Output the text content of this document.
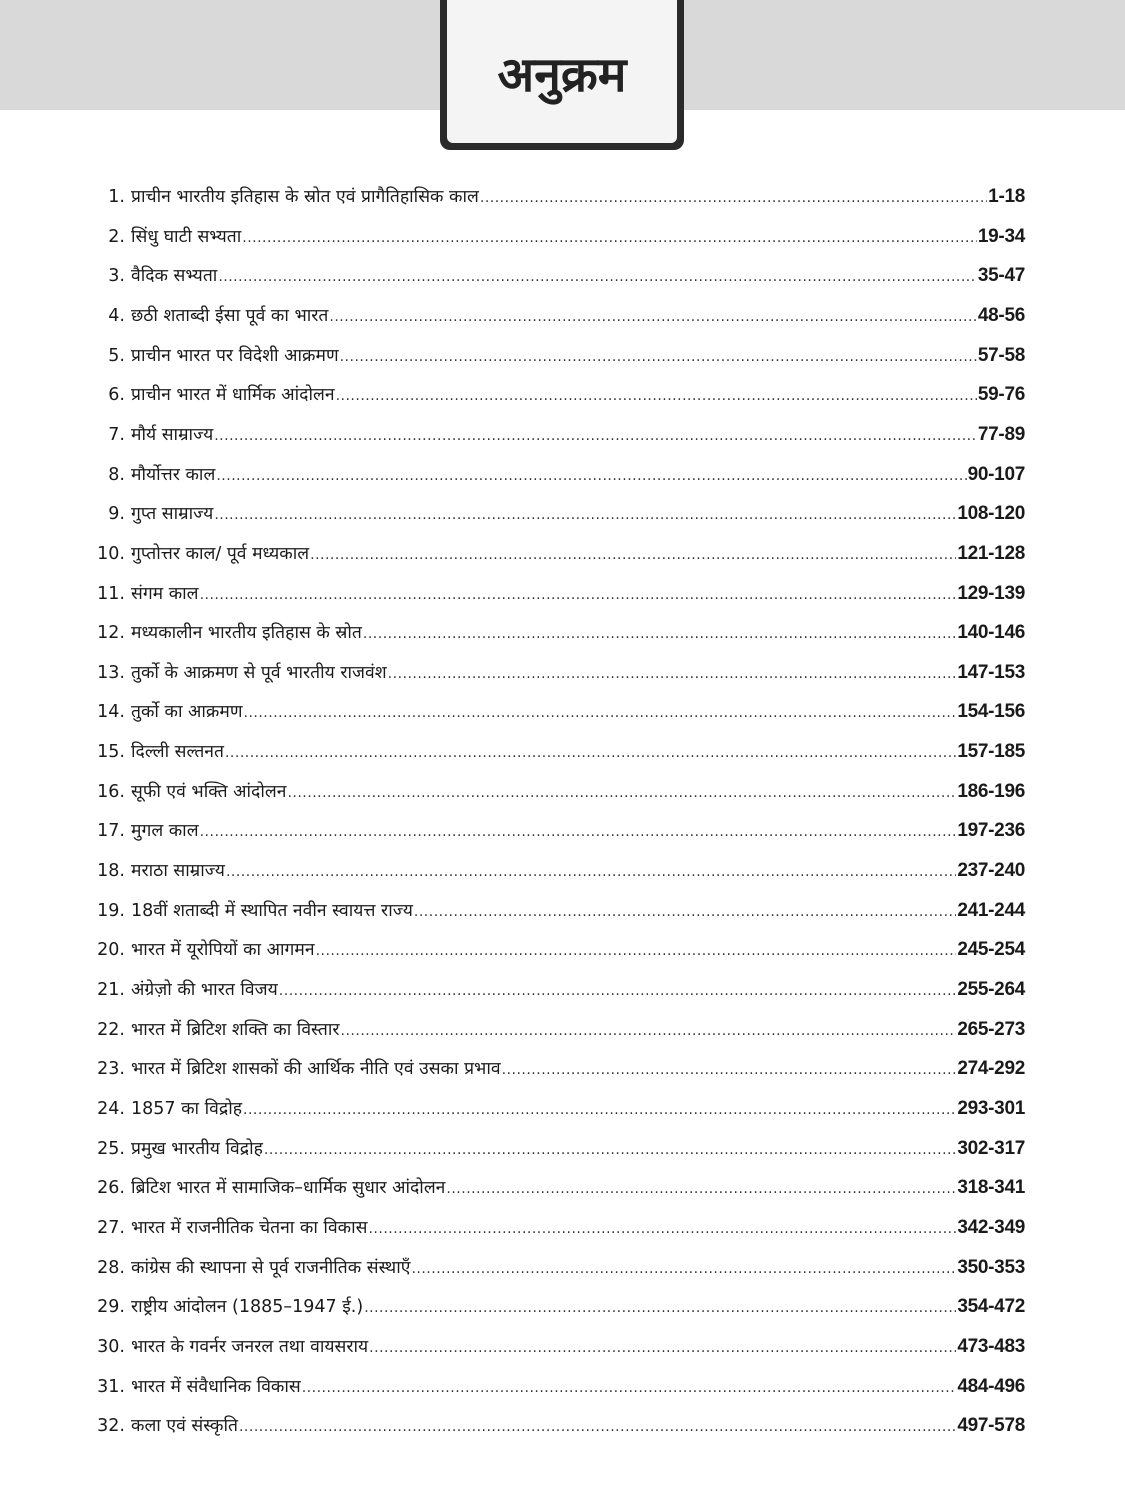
अनुक्रम
1. प्राचीन भारतीय इतिहास के स्रोत एवं प्रागैतिहासिक काल .....	1-18
2. सिंधु घाटी सभ्यता .....	19-34
3. वैदिक सभ्यता .....	35-47
4. छठी शताब्दी ईसा पूर्व का भारत .....	48-56
5. प्राचीन भारत पर विदेशी आक्रमण .....	57-58
6. प्राचीन भारत में धार्मिक आंदोलन .....	59-76
7. मौर्य साम्राज्य .....	77-89
8. मौर्योत्तर काल .....	90-107
9. गुप्त साम्राज्य .....	108-120
10. गुप्तोत्तर काल/ पूर्व मध्यकाल .....	121-128
11. संगम काल .....	129-139
12. मध्यकालीन भारतीय इतिहास के स्रोत .....	140-146
13. तुर्को के आक्रमण से पूर्व भारतीय राजवंश .....	147-153
14. तुर्को का आक्रमण .....	154-156
15. दिल्ली सल्तनत .....	157-185
16. सूफी एवं भक्ति आंदोलन .....	186-196
17. मुगल काल .....	197-236
18. मराठा साम्राज्य .....	237-240
19. 18वीं शताब्दी में स्थापित नवीन स्वायत्त राज्य .....	241-244
20. भारत में यूरोपियों का आगमन .....	245-254
21. अंग्रेज़ो की भारत विजय .....	255-264
22. भारत में ब्रिटिश शक्ति का विस्तार .....	265-273
23. भारत में ब्रिटिश शासकों की आर्थिक नीति एवं उसका प्रभाव .....	274-292
24. 1857 का विद्रोह .....	293-301
25. प्रमुख भारतीय विद्रोह .....	302-317
26. ब्रिटिश भारत में सामाजिक–धार्मिक सुधार आंदोलन .....	318-341
27. भारत में राजनीतिक चेतना का विकास .....	342-349
28. कांग्रेस की स्थापना से पूर्व राजनीतिक संस्थाएँ .....	350-353
29. राष्ट्रीय आंदोलन (1885–1947 ई.) .....	354-472
30. भारत के गवर्नर जनरल तथा वायसराय .....	473-483
31. भारत में संवैधानिक विकास .....	484-496
32. कला एवं संस्कृति .....	497-578
